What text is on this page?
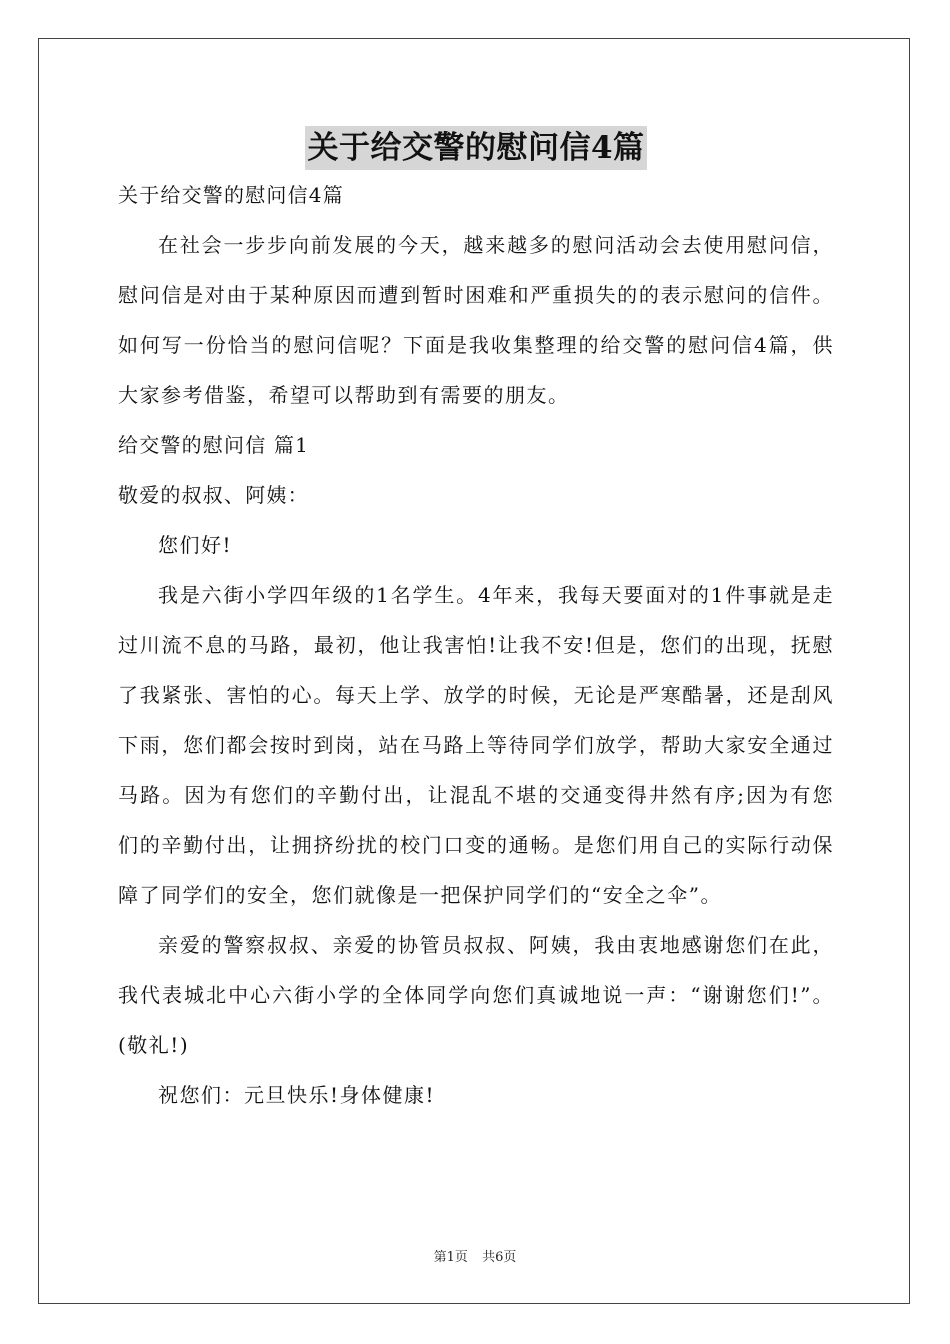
关于给交警的慰问信4篇

关于给交警的慰问信4篇

在社会一步步向前发展的今天，越来越多的慰问活动会去使用慰问信，慰问信是对由于某种原因而遭到暂时困难和严重损失的的表示慰问的信件。如何写一份恰当的慰问信呢？下面是我收集整理的给交警的慰问信4篇，供大家参考借鉴，希望可以帮助到有需要的朋友。

给交警的慰问信 篇1

敬爱的叔叔、阿姨：

您们好!

我是六街小学四年级的1名学生。4年来，我每天要面对的1件事就是走过川流不息的马路，最初，他让我害怕!让我不安!但是，您们的出现，抚慰了我紧张、害怕的心。每天上学、放学的时候，无论是严寒酷暑，还是刮风下雨，您们都会按时到岗，站在马路上等待同学们放学，帮助大家安全通过马路。因为有您们的辛勤付出，让混乱不堪的交通变得井然有序;因为有您们的辛勤付出，让拥挤纷扰的校门口变的通畅。是您们用自己的实际行动保障了同学们的安全，您们就像是一把保护同学们的“安全之伞”。

亲爱的警察叔叔、亲爱的协管员叔叔、阿姨，我由衷地感谢您们在此，我代表城北中心六街小学的全体同学向您们真诚地说一声：“谢谢您们!”。(敬礼!)

祝您们：元旦快乐!身体健康!

第1页 共6页
